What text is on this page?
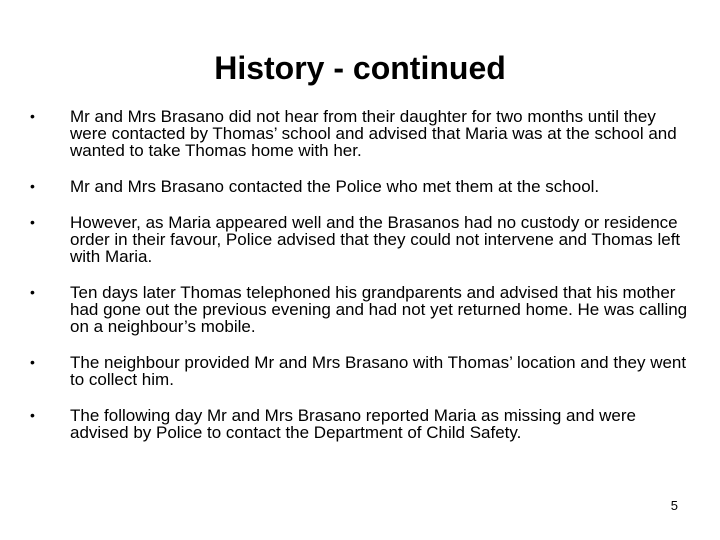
History - continued
• Mr and Mrs Brasano did not hear from their daughter for two months until they were contacted by Thomas’ school and advised that Maria was at the school and wanted to take Thomas home with her.
• Mr and Mrs Brasano contacted the Police who met them at the school.
• However, as Maria appeared well and the Brasanos had no custody or residence order in their favour, Police advised that they could not intervene and Thomas left with Maria.
• Ten days later Thomas telephoned his grandparents and advised that his mother had gone out the previous evening and had not yet returned home. He was calling on a neighbour’s mobile.
• The neighbour provided Mr and Mrs Brasano with Thomas’ location and they went to collect him.
• The following day Mr and Mrs Brasano reported Maria as missing and were advised by Police to contact the Department of Child Safety.
5
